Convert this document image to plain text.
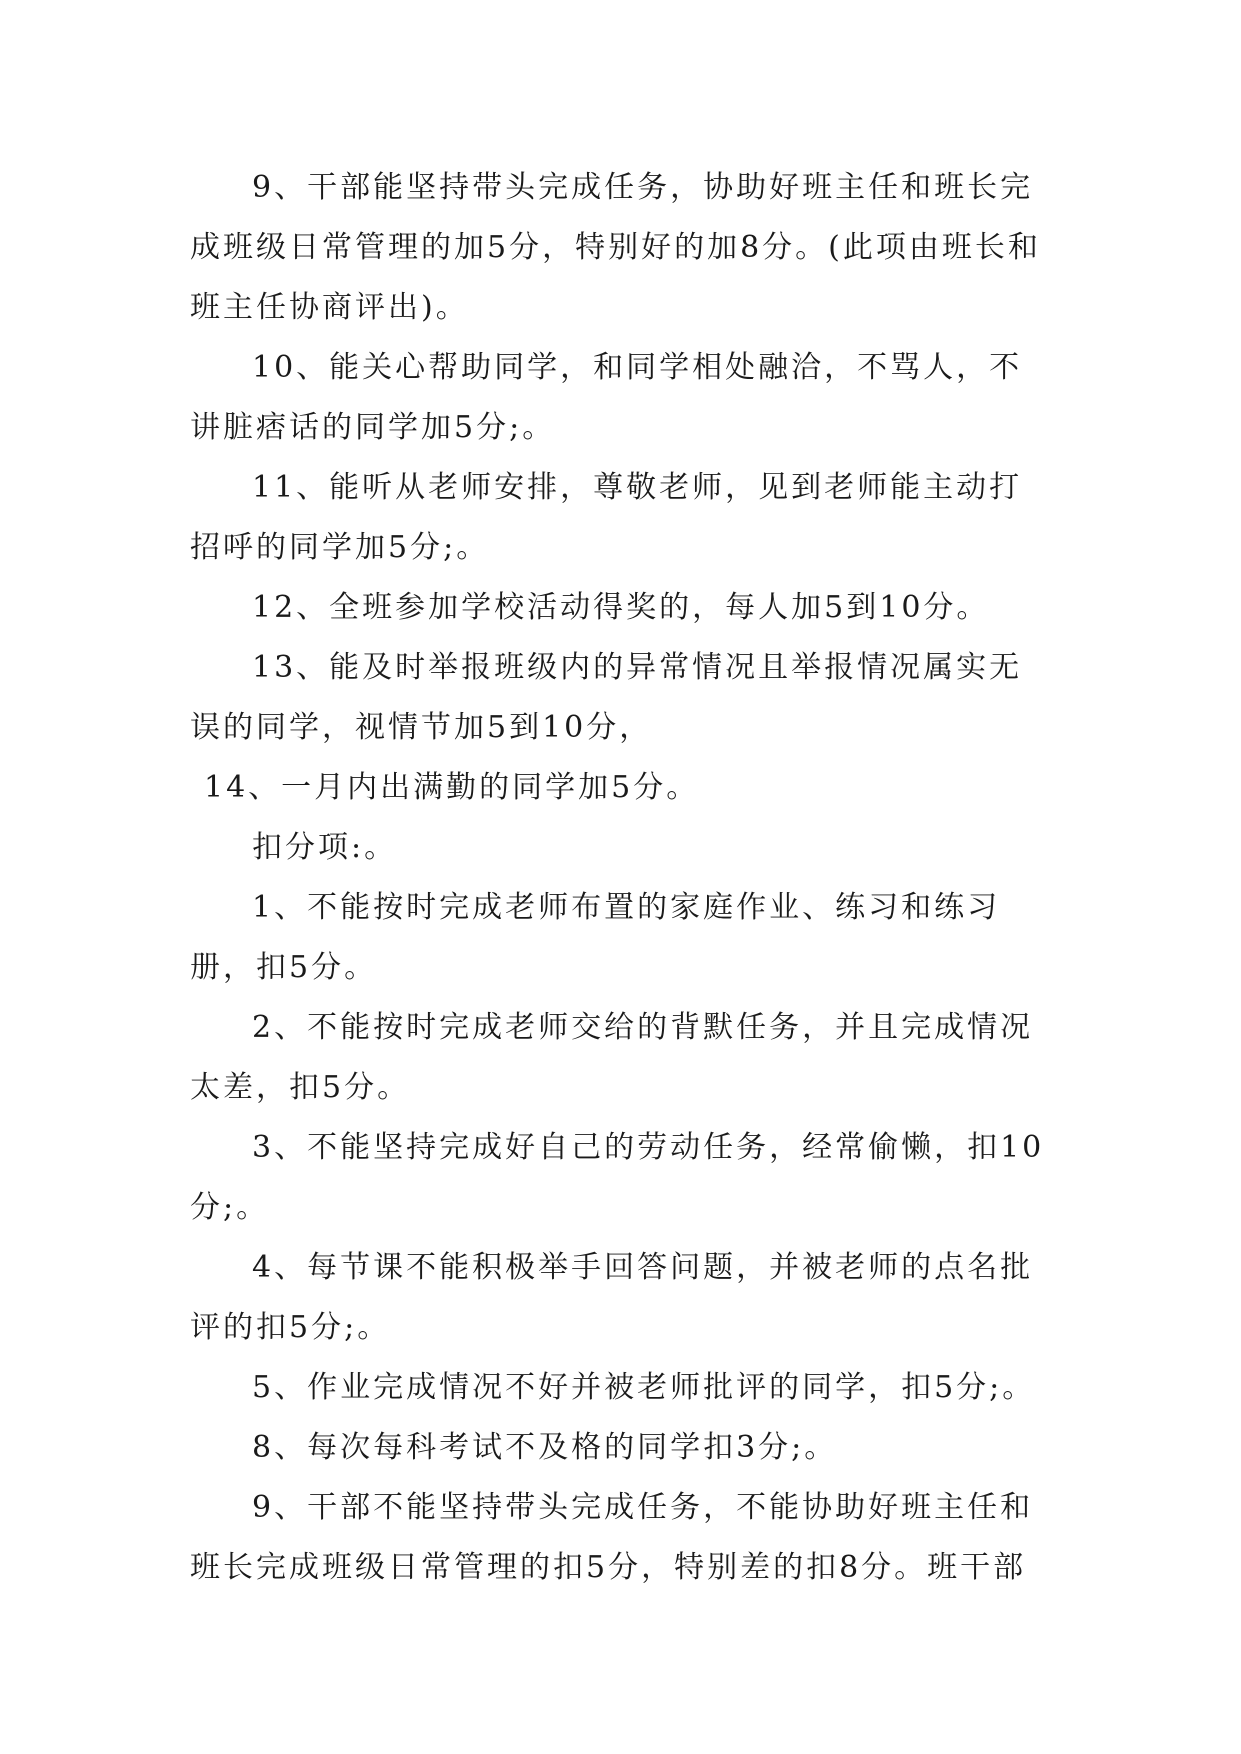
9、干部能坚持带头完成任务，协助好班主任和班长完成班级日常管理的加5分，特别好的加8分。(此项由班长和班主任协商评出)。

10、能关心帮助同学，和同学相处融洽，不骂人，不讲脏痞话的同学加5分;。

11、能听从老师安排，尊敬老师，见到老师能主动打招呼的同学加5分;。

12、全班参加学校活动得奖的，每人加5到10分。

13、能及时举报班级内的异常情况且举报情况属实无误的同学，视情节加5到10分，

14、一月内出满勤的同学加5分。

扣分项:。

1、不能按时完成老师布置的家庭作业、练习和练习册，扣5分。

2、不能按时完成老师交给的背默任务，并且完成情况太差，扣5分。

3、不能坚持完成好自己的劳动任务，经常偷懒，扣10分;。

4、每节课不能积极举手回答问题，并被老师的点名批评的扣5分;。

5、作业完成情况不好并被老师批评的同学，扣5分;。

8、每次每科考试不及格的同学扣3分;。

9、干部不能坚持带头完成任务，不能协助好班主任和班长完成班级日常管理的扣5分，特别差的扣8分。班干部
